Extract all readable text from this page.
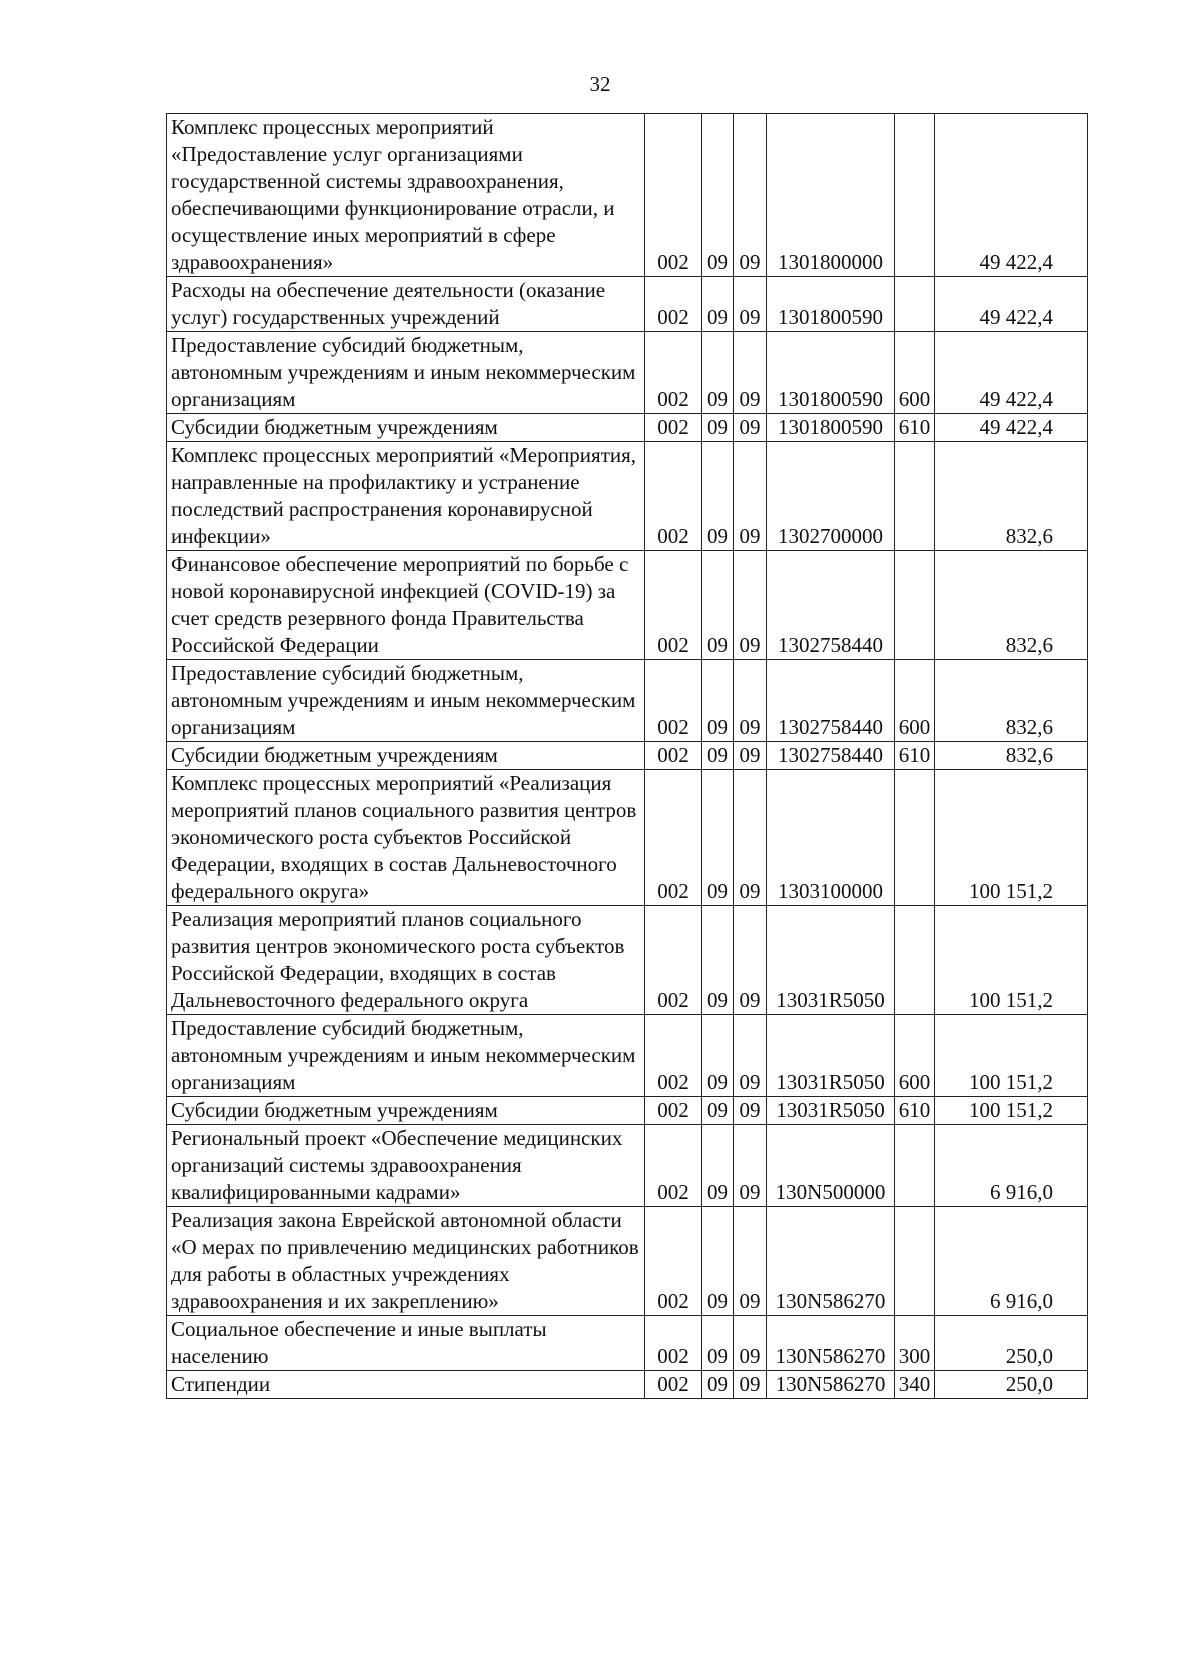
32
Комплекс процессных мероприятий «Предоставление услуг организациями государственной системы здравоохранения, обеспечивающими функционирование отрасли, и осуществление иных мероприятий в сфере здравоохранения»	002	09	09	1301800000		49 422,4
Расходы на обеспечение деятельности (оказание услуг) государственных учреждений	002	09	09	1301800590		49 422,4
Предоставление субсидий бюджетным, автономным учреждениям и иным некоммерческим организациям	002	09	09	1301800590	600	49 422,4
Субсидии бюджетным учреждениям	002	09	09	1301800590	610	49 422,4
Комплекс процессных мероприятий «Мероприятия, направленные на профилактику и устранение последствий распространения коронавирусной инфекции»	002	09	09	1302700000		832,6
Финансовое обеспечение мероприятий по борьбе с новой коронавирусной инфекцией (COVID-19) за счет средств резервного фонда Правительства Российской Федерации	002	09	09	1302758440		832,6
Предоставление субсидий бюджетным, автономным учреждениям и иным некоммерческим организациям	002	09	09	1302758440	600	832,6
Субсидии бюджетным учреждениям	002	09	09	1302758440	610	832,6
Комплекс процессных мероприятий «Реализация мероприятий планов социального развития центров экономического роста субъектов Российской Федерации, входящих в состав Дальневосточного федерального округа»	002	09	09	1303100000		100 151,2
Реализация мероприятий планов социального развития центров экономического роста субъектов Российской Федерации, входящих в состав Дальневосточного федерального округа	002	09	09	13031R5050		100 151,2
Предоставление субсидий бюджетным, автономным учреждениям и иным некоммерческим организациям	002	09	09	13031R5050	600	100 151,2
Субсидии бюджетным учреждениям	002	09	09	13031R5050	610	100 151,2
Региональный проект «Обеспечение медицинских организаций системы здравоохранения квалифицированными кадрами»	002	09	09	130N500000		6 916,0
Реализация закона Еврейской автономной области «О мерах по привлечению медицинских работников для работы в областных учреждениях здравоохранения и их закреплению»	002	09	09	130N586270		6 916,0
Социальное обеспечение и иные выплаты населению	002	09	09	130N586270	300	250,0
Стипендии	002	09	09	130N586270	340	250,0
